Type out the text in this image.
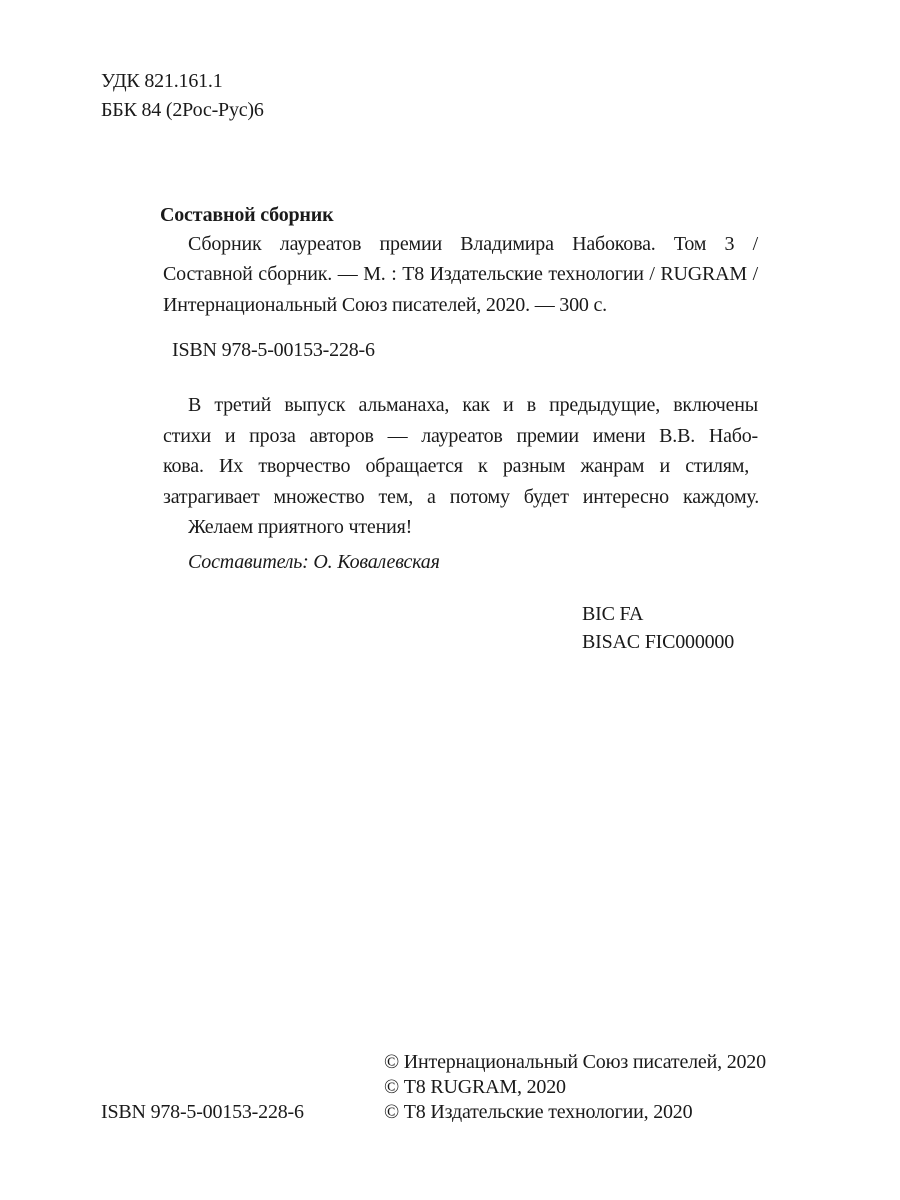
УДК 821.161.1
ББК 84 (2Рос-Рус)6
Составной сборник
Сборник лауреатов премии Владимира Набокова. Том 3 /
Составной сборник. — М. : Т8 Издательские технологии / RUGRAM /
Интернациональный Союз писателей, 2020. — 300 с.
ISBN 978-5-00153-228-6
В третий выпуск альманаха, как и в предыдущие, включены
стихи и проза авторов — лауреатов премии имени В.В. Набо-
кова. Их творчество обращается к разным жанрам и стилям,
затрагивает множество тем, а потому будет интересно каждому.
Желаем приятного чтения!
Составитель: О. Ковалевская
BIC FA
BISAC FIC000000
© Интернациональный Союз писателей, 2020
© Т8 RUGRAM, 2020
© Т8 Издательские технологии, 2020
ISBN 978-5-00153-228-6
